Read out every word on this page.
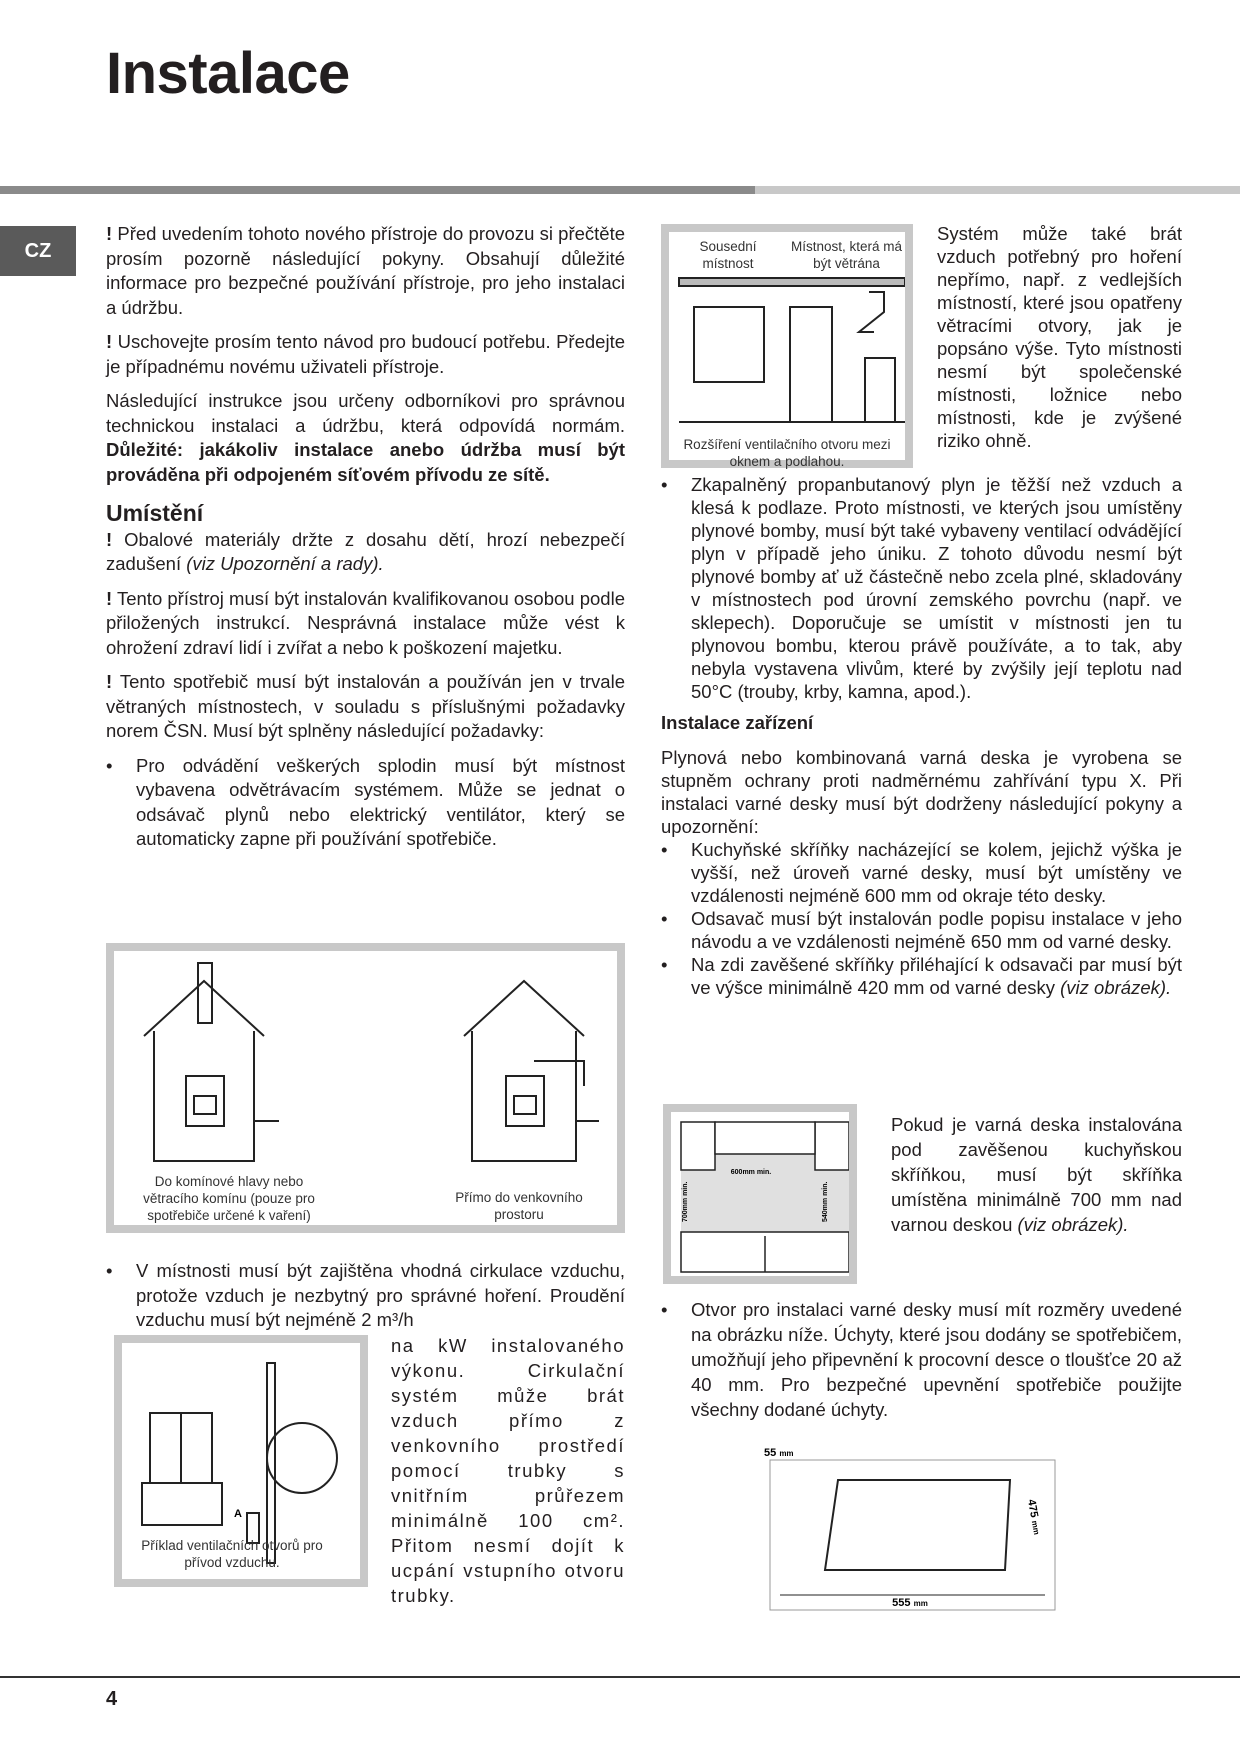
Instalace
CZ

! Před uvedením tohoto nového přístroje do provozu si přečtěte prosím pozorně následující pokyny. Obsahují důležité informace pro bezpečné používání přístroje, pro jeho instalaci a údržbu.

! Uschovejte prosím tento návod pro budoucí potřebu. Předejte je případnému novému uživateli přístroje.

Následující instrukce jsou určeny odborníkovi pro správnou technickou instalaci a údržbu, která odpovídá normám. Důležité: jakákoliv instalace anebo údržba musí být prováděna při odpojeném síťovém přívodu ze sítě.

Umístění

! Obalové materiály držte z dosahu dětí, hrozí nebezpečí zadušení (viz Upozornění a rady).

! Tento přístroj musí být instalován kvalifikovanou osobou podle přiložených instrukcí. Nesprávná instalace může vést k ohrožení zdraví lidí i zvířat a nebo k poškození majetku.

! Tento spotřebič musí být instalován a používán jen v trvale větraných místnostech, v souladu s příslušnými požadavky norem ČSN. Musí být splněny následující požadavky:

• Pro odvádění veškerých splodin musí být místnost vybavena odvětrávacím systémem. Může se jednat o odsávač plynů nebo elektrický ventilátor, který se automaticky zapne při používání spotřebiče.
Do komínové hlavy nebo větracího komínu (pouze pro spotřebiče určené k vaření)
Přímo do venkovního prostoru
• V místnosti musí být zajištěna vhodná cirkulace vzduchu, protože vzduch je nezbytný pro správné hoření. Proudění vzduchu musí být nejméně 2 m³/h
na kW instalovaného výkonu. Cirkulační systém může brát vzduch přímo z venkovního prostředí pomocí trubky s vnitřním průřezem minimálně 100 cm². Přitom nesmí dojít k ucpání vstupního otvoru trubky.
A
Příklad ventilačních otvorů pro přívod vzduchu.
Sousední místnost
Místnost, která má být větrána
Rozšíření ventilačního otvoru mezi oknem a podlahou.
Systém může také brát vzduch potřebný pro hoření nepřímo, např. z vedlejších místností, které jsou opatřeny větracími otvory, jak je popsáno výše. Tyto místnosti nesmí být společenské místnosti, ložnice nebo místnosti, kde je zvýšené riziko ohně.
• Zkapalněný propanbutanový plyn je těžší než vzduch a klesá k podlaze. Proto místnosti, ve kterých jsou umístěny plynové bomby, musí být také vybaveny ventilací odvádějící plyn v případě jeho úniku. Z tohoto důvodu nesmí být plynové bomby ať už částečně nebo zcela plné, skladovány v místnostech pod úrovní zemského povrchu (např. ve sklepech). Doporučuje se umístit v místnosti jen tu plynovou bombu, kterou právě používáte, a to tak, aby nebyla vystavena vlivům, které by zvýšily její teplotu nad 50°C (trouby, krby, kamna, apod.).
Instalace zařízení

Plynová nebo kombinovaná varná deska je vyrobena se stupněm ochrany proti nadměrnému zahřívání typu X. Při instalaci varné desky musí být dodrženy následující pokyny a upozornění:

• Kuchyňské skříňky nacházející se kolem, jejichž výška je vyšší, než úroveň varné desky, musí být umístěny ve vzdálenosti nejméně 600 mm od okraje této desky.
• Odsavač musí být instalován podle popisu instalace v jeho návodu a ve vzdálenosti nejméně 650 mm od varné desky.
• Na zdi zavěšené skříňky přiléhající k odsavači par musí být ve výšce minimálně 420 mm od varné desky (viz obrázek).
600mm min.
700mm min.	540mm min.
Pokud je varná deska instalována pod zavěšenou kuchyňskou skříňkou, musí být skříňka umístěna minimálně 700 mm nad varnou deskou (viz obrázek).
• Otvor pro instalaci varné desky musí mít rozměry uvedené na obrázku níže. Úchyty, které jsou dodány se spotřebičem, umožňují jeho připevnění k procovní desce o tloušťce 20 až 40 mm. Pro bezpečné upevnění spotřebiče použijte všechny dodané úchyty.
55 mm
555 mm
475 mm
4
